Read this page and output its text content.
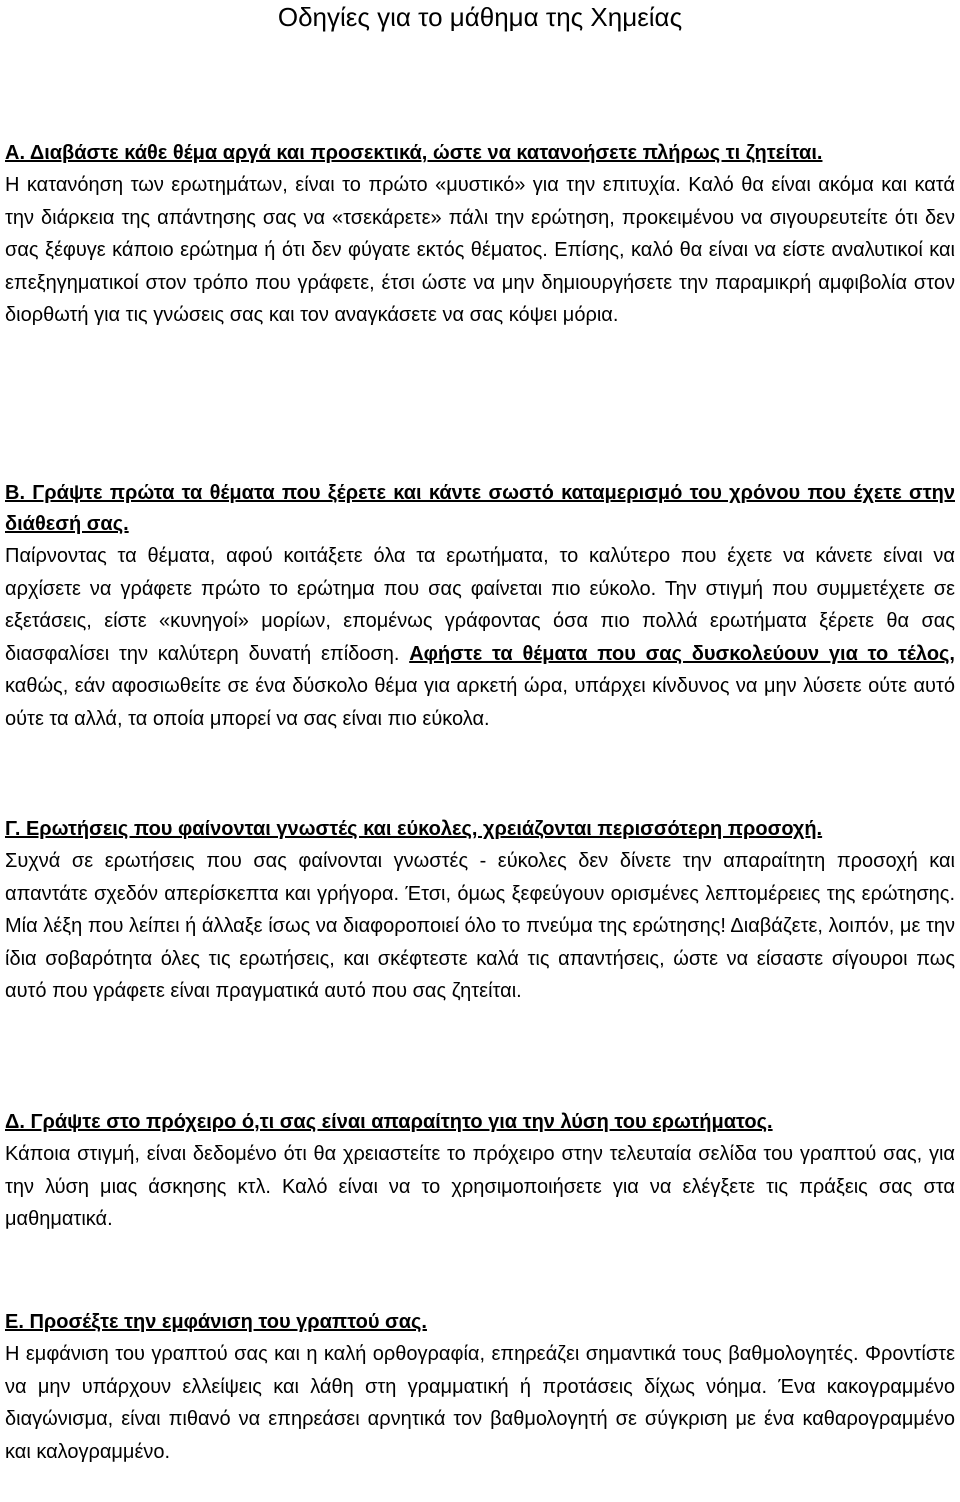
Οδηγίες για το μάθημα της Χημείας

Α. Διαβάστε κάθε θέμα αργά και προσεκτικά, ώστε να κατανοήσετε πλήρως τι ζητείται.

Η κατανόηση των ερωτημάτων, είναι το πρώτο «μυστικό» για την επιτυχία. Καλό θα είναι ακόμα και κατά την διάρκεια της απάντησης σας να «τσεκάρετε» πάλι την ερώτηση, προκειμένου να σιγουρευτείτε ότι δεν σας ξέφυγε κάποιο ερώτημα ή ότι δεν φύγατε εκτός θέματος. Επίσης, καλό θα είναι να είστε αναλυτικοί και επεξηγηματικοί στον τρόπο που γράφετε, έτσι ώστε να μην δημιουργήσετε την παραμικρή αμφιβολία στον διορθωτή για τις γνώσεις σας και τον αναγκάσετε να σας κόψει μόρια.

Β. Γράψτε πρώτα τα θέματα που ξέρετε και κάντε σωστό καταμερισμό του χρόνου που έχετε στην διάθεσή σας.

Παίρνοντας τα θέματα, αφού κοιτάξετε όλα τα ερωτήματα, το καλύτερο που έχετε να κάνετε είναι να αρχίσετε να γράφετε πρώτο το ερώτημα που σας φαίνεται πιο εύκολο. Την στιγμή που συμμετέχετε σε εξετάσεις, είστε «κυνηγοί» μορίων, επομένως γράφοντας όσα πιο πολλά ερωτήματα ξέρετε θα σας διασφαλίσει την καλύτερη δυνατή επίδοση. Αφήστε τα θέματα που σας δυσκολεύουν για το τέλος, καθώς, εάν αφοσιωθείτε σε ένα δύσκολο θέμα για αρκετή ώρα, υπάρχει κίνδυνος να μην λύσετε ούτε αυτό ούτε τα αλλά, τα οποία μπορεί να σας είναι πιο εύκολα.

Γ. Ερωτήσεις που φαίνονται γνωστές και εύκολες, χρειάζονται περισσότερη προσοχή.

Συχνά σε ερωτήσεις που σας φαίνονται γνωστές - εύκολες δεν δίνετε την απαραίτητη προσοχή και απαντάτε σχεδόν απερίσκεπτα και γρήγορα. Έτσι, όμως ξεφεύγουν ορισμένες λεπτομέρειες της ερώτησης. Μία λέξη που λείπει ή άλλαξε ίσως να διαφοροποιεί όλο το πνεύμα της ερώτησης! Διαβάζετε, λοιπόν, με την ίδια σοβαρότητα όλες τις ερωτήσεις, και σκέφτεστε καλά τις απαντήσεις, ώστε να είσαστε σίγουροι πως αυτό που γράφετε είναι πραγματικά αυτό που σας ζητείται.

Δ. Γράψτε στο πρόχειρο ό,τι σας είναι απαραίτητο για την λύση του ερωτήματος.

Κάποια στιγμή, είναι δεδομένο ότι θα χρειαστείτε το πρόχειρο στην τελευταία σελίδα του γραπτού σας, για την λύση μιας άσκησης κτλ. Καλό είναι να το χρησιμοποιήσετε για να ελέγξετε τις πράξεις σας στα μαθηματικά.

Ε. Προσέξτε την εμφάνιση του γραπτού σας.

Η εμφάνιση του γραπτού σας και η καλή ορθογραφία, επηρεάζει σημαντικά τους βαθμολογητές. Φροντίστε να μην υπάρχουν ελλείψεις και λάθη στη γραμματική ή προτάσεις δίχως νόημα. Ένα κακογραμμένο διαγώνισμα, είναι πιθανό να επηρεάσει αρνητικά τον βαθμολογητή σε σύγκριση με ένα καθαρογραμμένο και καλογραμμένο.
